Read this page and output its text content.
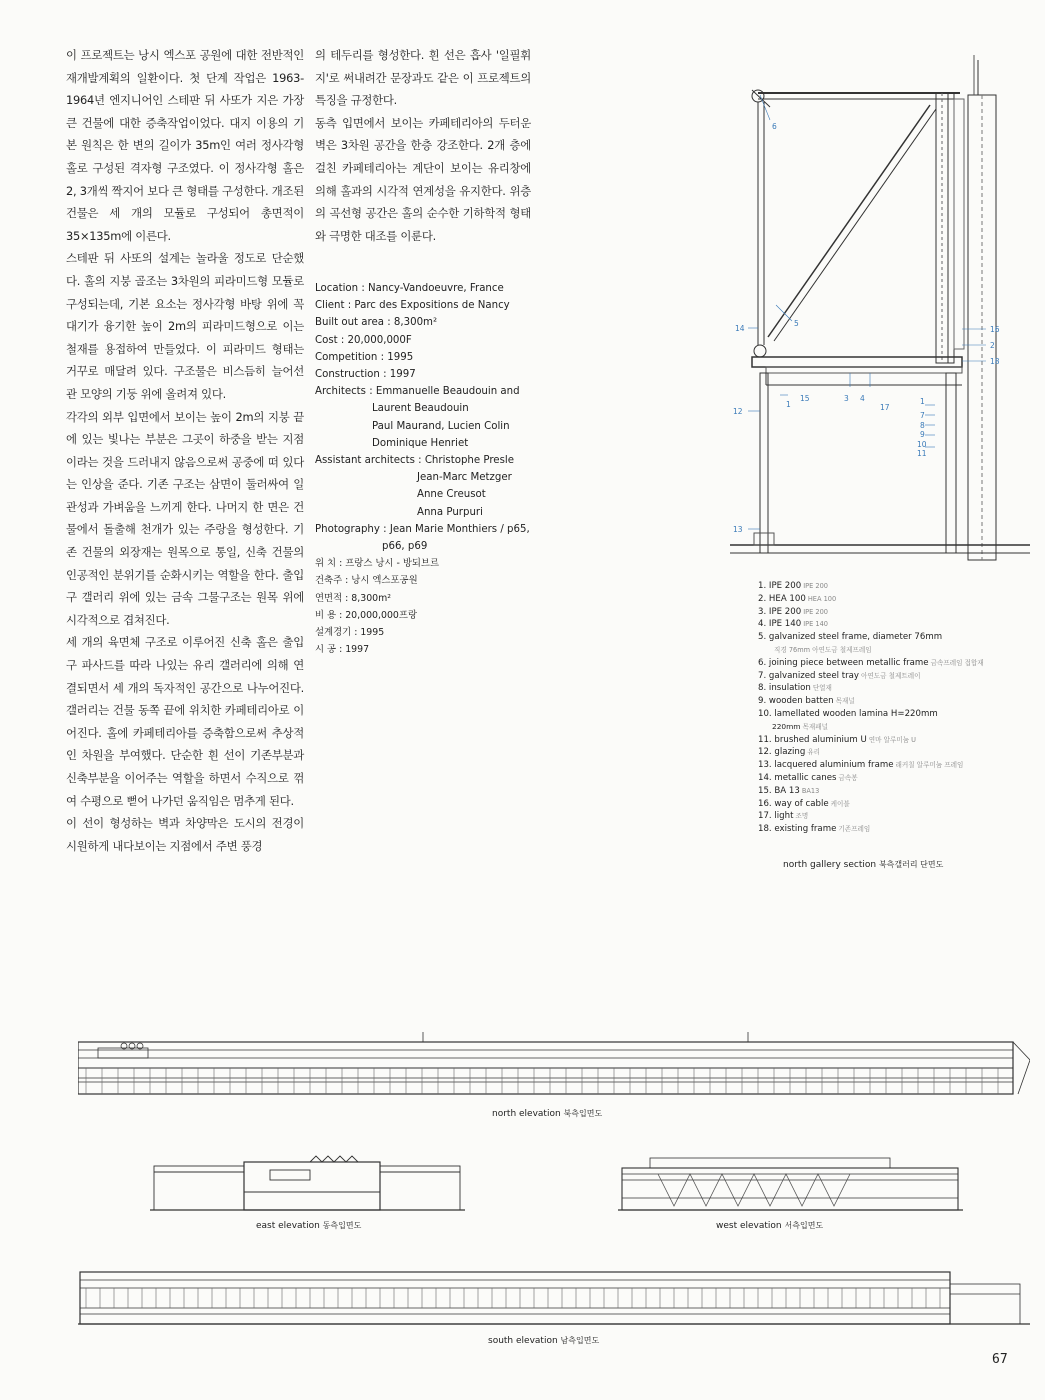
이 프로젝트는 낭시 엑스포 공원에 대한 전반적인 재개발계획의 일환이다. 첫 단계 작업은 1963-1964년 엔지니어인 스테판 뒤 사또가 지은 가장 큰 건물에 대한 증축작업이었다. 대지 이용의 기본 원칙은 한 변의 길이가 35m인 여러 정사각형 홀로 구성된 격자형 구조였다. 이 정사각형 홀은 2, 3개씩 짝지어 보다 큰 형태를 구성한다. 개조된 건물은 세 개의 모듈로 구성되어 총면적이 35×135m에 이른다.

스테판 뒤 사또의 설계는 놀라울 정도로 단순했다. 홀의 지붕 골조는 3차원의 피라미드형 모듈로 구성되는데, 기본 요소는 정사각형 바탕 위에 꼭대기가 융기한 높이 2m의 피라미드형으로 이는 철재를 용접하여 만들었다. 이 피라미드 형태는 거꾸로 매달려 있다. 구조물은 비스듬히 늘어선 관 모양의 기둥 위에 올려져 있다.

각각의 외부 입면에서 보이는 높이 2m의 지붕 끝에 있는 빛나는 부분은 그곳이 하중을 받는 지점이라는 것을 드러내지 않음으로써 공중에 떠 있다는 인상을 준다. 기존 구조는 삼면이 둘러싸여 일관성과 가벼움을 느끼게 한다. 나머지 한 면은 건물에서 돌출해 천개가 있는 주랑을 형성한다. 기존 건물의 외장재는 원목으로 통일, 신축 건물의 인공적인 분위기를 순화시키는 역할을 한다. 출입구 갤러리 위에 있는 금속 그물구조는 원목 위에 시각적으로 겹쳐진다.

세 개의 육면체 구조로 이루어진 신축 홀은 출입구 파사드를 따라 나있는 유리 갤러리에 의해 연결되면서 세 개의 독자적인 공간으로 나누어진다. 갤러리는 건물 동쪽 끝에 위치한 카페테리아로 이어진다. 홀에 카페테리아를 증축함으로써 추상적인 차원을 부여했다. 단순한 흰 선이 기존부분과 신축부분을 이어주는 역할을 하면서 수직으로 꺾여 수평으로 뻗어 나가던 움직임은 멈추게 된다.

이 선이 형성하는 벽과 차양막은 도시의 전경이 시원하게 내다보이는 지점에서 주변 풍경

의 테두리를 형성한다. 흰 선은 흡사 '일필휘지'로 써내려간 문장과도 같은 이 프로젝트의 특징을 규정한다.

동측 입면에서 보이는 카페테리아의 두터운 벽은 3차원 공간을 한층 강조한다. 2개 층에 걸친 카페테리아는 계단이 보이는 유리창에 의해 홀과의 시각적 연계성을 유지한다. 위층의 곡선형 공간은 홀의 순수한 기하학적 형태와 극명한 대조를 이룬다.

Location : Nancy-Vandoeuvre, France
Client : Parc des Expositions de Nancy
Built out area : 8,300m²
Cost : 20,000,000F
Competition : 1995
Construction : 1997
Architects : Emmanuelle Beaudouin and
Laurent Beaudouin
Paul Maurand, Lucien Colin
Dominique Henriet
Assistant architects : Christophe Presle
Jean-Marc Metzger
Anne Creusot
Anna Purpuri
Photography : Jean Marie Monthiers / p65,
p66, p69
위 치 : 프랑스 낭시 - 방되브르
건축주 : 낭시 엑스포공원
연면적 : 8,300m²
비 용 : 20,000,000프랑
설계경기 : 1995
시 공 : 1997
6
5
14	16
2
18
12
1
15	3 4
17
1
7
8
9
10
11
13
1. IPE 200 IPE 200
2. HEA 100 HEA 100
3. IPE 200 IPE 200
4. IPE 140 IPE 140
5. galvanized steel frame, diameter 76mm
직경 76mm 아연도금 철제프레임
6. joining piece between metallic frame 금속프레임 접합재
7. galvanized steel tray 아연도금 철제트레이
8. insulation 단열재
9. wooden batten 목재널
10. lamellated wooden lamina H=220mm
220mm 목재패널
11. brushed aluminium U 연마 알루미늄 U
12. glazing 유리
13. lacquered aluminium frame 래커칠 알루미늄 프레임
14. metallic canes 금속봉
15. BA 13 BA13
16. way of cable 케이블
17. light 조명
18. existing frame 기존프레임
north gallery section 북측갤러리 단면도
north elevation 북측입면도
east elevation 동측입면도	west elevation 서측입면도
south elevation 남측입면도
67
